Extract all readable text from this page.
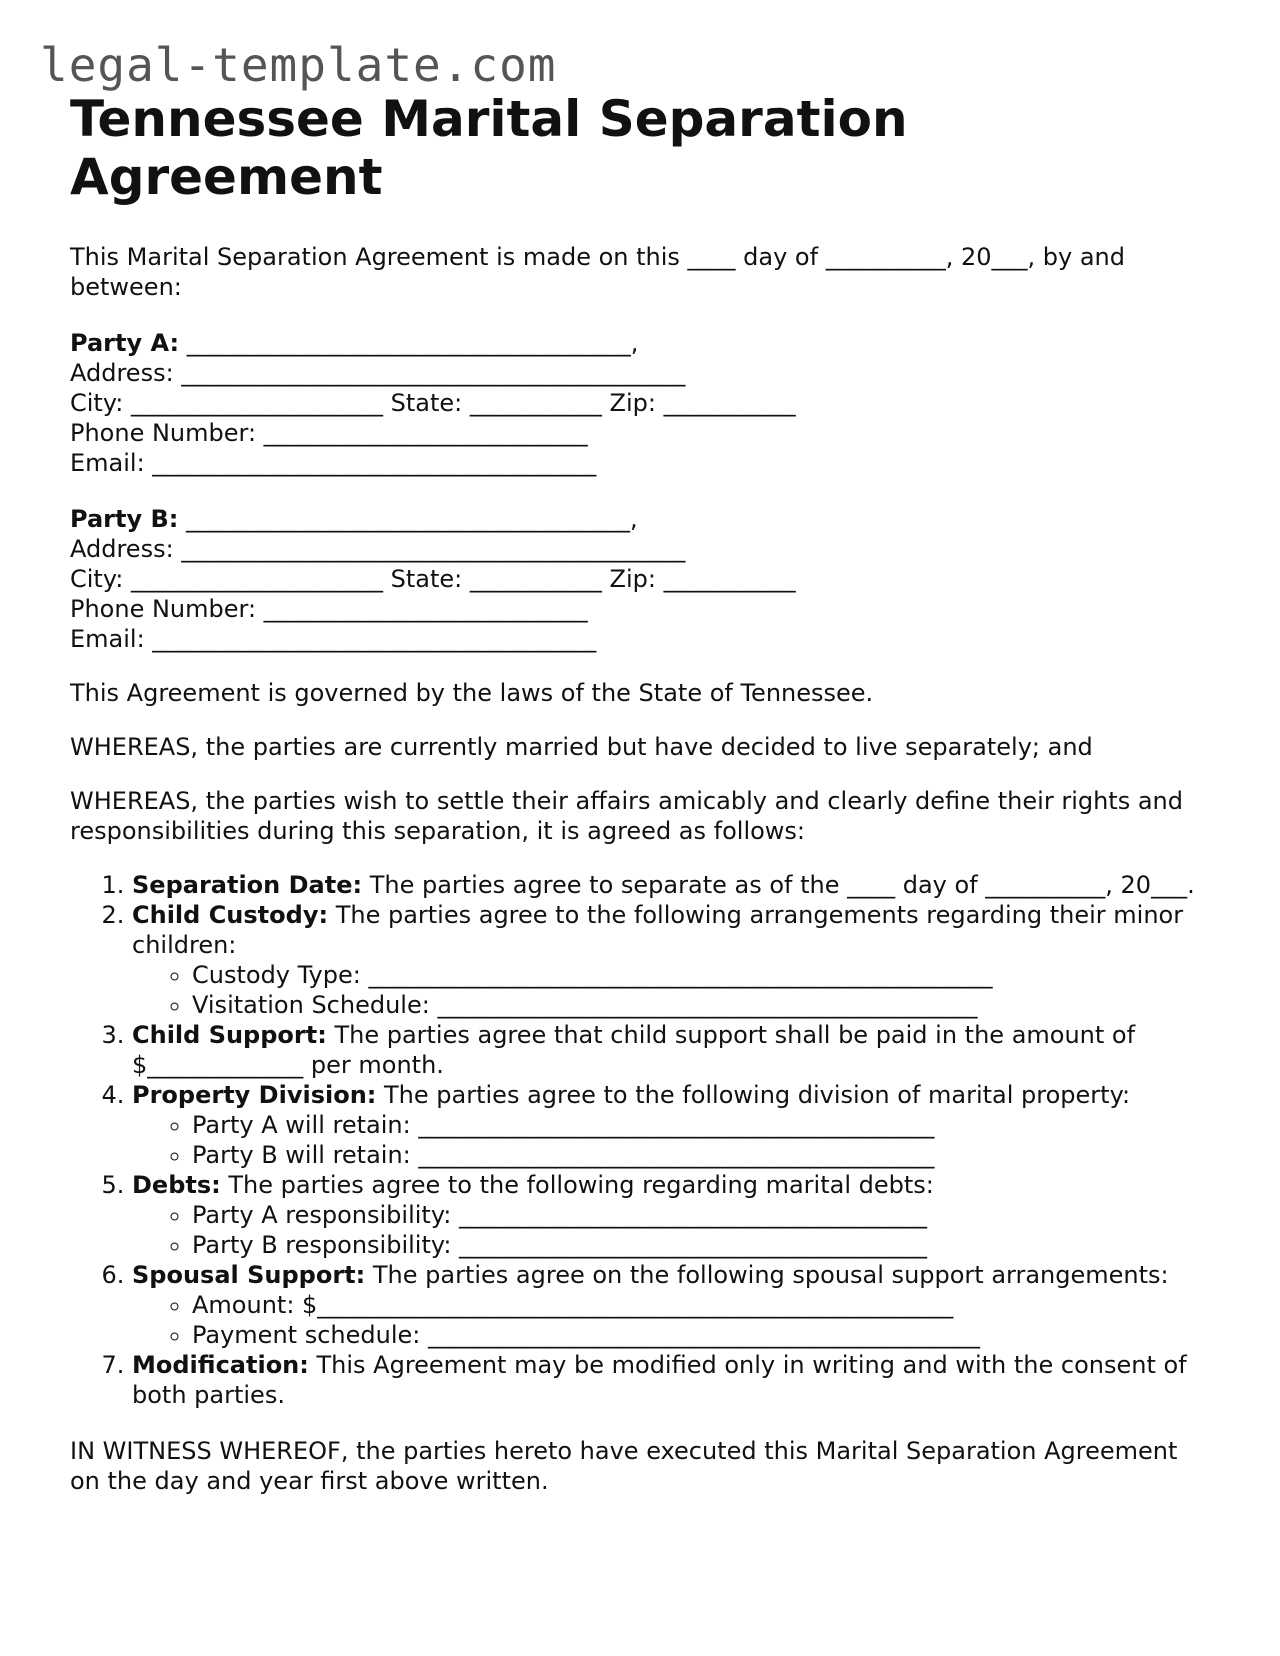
legal-template.com
Tennessee Marital Separation Agreement

This Marital Separation Agreement is made on this ____ day of __________, 20___, by and between:

Party A: _____________________________________,
Address: __________________________________________
City: _____________________ State: ___________ Zip: ___________
Phone Number: ___________________________
Email: _____________________________________
Party B: _____________________________________,
Address: __________________________________________
City: _____________________ State: ___________ Zip: ___________
Phone Number: ___________________________
Email: _____________________________________

This Agreement is governed by the laws of the State of Tennessee.

WHEREAS, the parties are currently married but have decided to live separately; and

WHEREAS, the parties wish to settle their affairs amicably and clearly define their rights and responsibilities during this separation, it is agreed as follows:

1. Separation Date: The parties agree to separate as of the ____ day of __________, 20___.
2. Child Custody: The parties agree to the following arrangements regarding their minor children:
◦ Custody Type: ____________________________________________________
◦ Visitation Schedule: _____________________________________________
3. Child Support: The parties agree that child support shall be paid in the amount of $_____________ per month.
4. Property Division: The parties agree to the following division of marital property:
◦ Party A will retain: ___________________________________________
◦ Party B will retain: ___________________________________________
5. Debts: The parties agree to the following regarding marital debts:
◦ Party A responsibility: _______________________________________
◦ Party B responsibility: _______________________________________
6. Spousal Support: The parties agree on the following spousal support arrangements:
◦ Amount: $_____________________________________________________
◦ Payment schedule: ______________________________________________
7. Modification: This Agreement may be modified only in writing and with the consent of both parties.

IN WITNESS WHEREOF, the parties hereto have executed this Marital Separation Agreement on the day and year first above written.
